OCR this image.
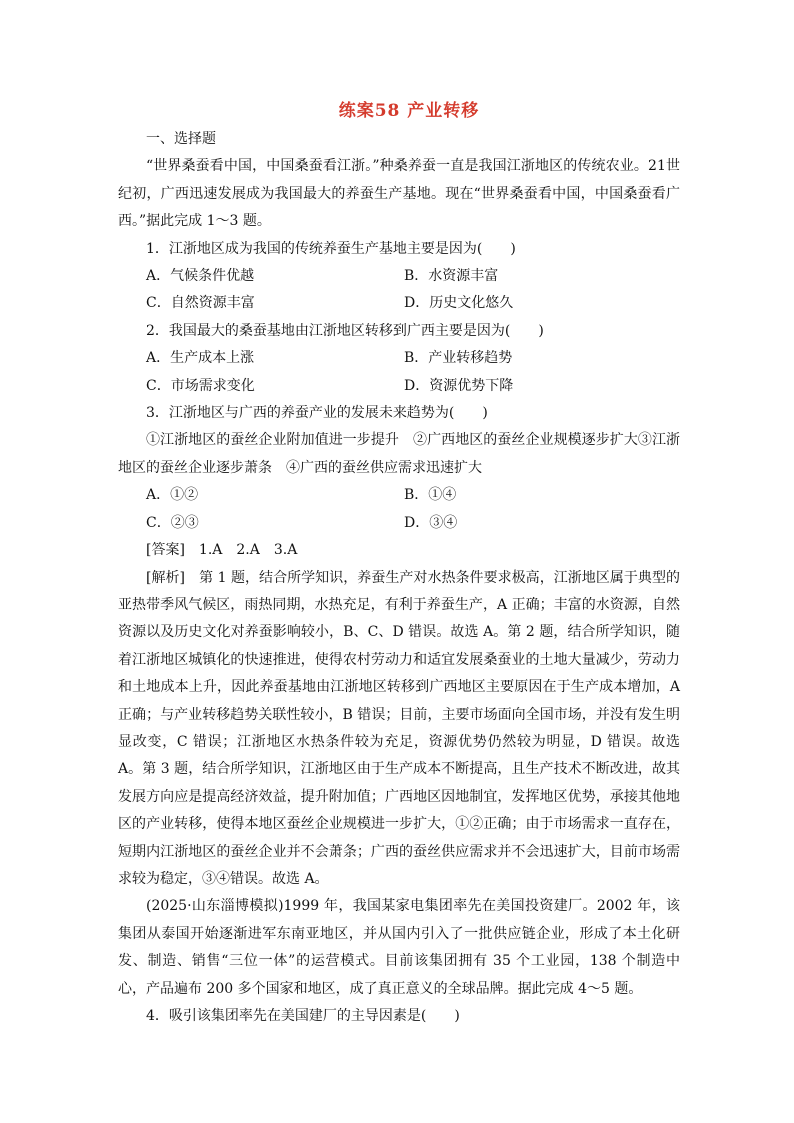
练案58 产业转移

一、选择题

“世界桑蚕看中国，中国桑蚕看江浙。”种桑养蚕一直是我国江浙地区的传统农业。21世纪初，广西迅速发展成为我国最大的养蚕生产基地。现在“世界桑蚕看中国，中国桑蚕看广西。”据此完成 1～3 题。

1．江浙地区成为我国的传统养蚕生产基地主要是因为(　　)

A．气候条件优越	B．水资源丰富

C．自然资源丰富	D．历史文化悠久

2．我国最大的桑蚕基地由江浙地区转移到广西主要是因为(　　)

A．生产成本上涨	B．产业转移趋势

C．市场需求变化	D．资源优势下降

3．江浙地区与广西的养蚕产业的发展未来趋势为(　　)

①江浙地区的蚕丝企业附加值进一步提升　②广西地区的蚕丝企业规模逐步扩大③江浙地区的蚕丝企业逐步萧条　④广西的蚕丝供应需求迅速扩大

A．①②	B．①④

C．②③	D．③④

[答案]　1.A　2.A　3.A

[解析]　第 1 题，结合所学知识，养蚕生产对水热条件要求极高，江浙地区属于典型的亚热带季风气候区，雨热同期，水热充足，有利于养蚕生产，A 正确；丰富的水资源，自然资源以及历史文化对养蚕影响较小，B、C、D 错误。故选 A。第 2 题，结合所学知识，随着江浙地区城镇化的快速推进，使得农村劳动力和适宜发展桑蚕业的土地大量减少，劳动力和土地成本上升，因此养蚕基地由江浙地区转移到广西地区主要原因在于生产成本增加，A 正确；与产业转移趋势关联性较小，B 错误；目前，主要市场面向全国市场，并没有发生明显改变，C 错误；江浙地区水热条件较为充足，资源优势仍然较为明显，D 错误。故选 A。第 3 题，结合所学知识，江浙地区由于生产成本不断提高，且生产技术不断改进，故其发展方向应是提高经济效益，提升附加值；广西地区因地制宜，发挥地区优势，承接其他地区的产业转移，使得本地区蚕丝企业规模进一步扩大，①②正确；由于市场需求一直存在，短期内江浙地区的蚕丝企业并不会萧条；广西的蚕丝供应需求并不会迅速扩大，目前市场需求较为稳定，③④错误。故选 A。

(2025·山东淄博模拟)1999 年，我国某家电集团率先在美国投资建厂。2002 年，该集团从泰国开始逐渐进军东南亚地区，并从国内引入了一批供应链企业，形成了本土化研发、制造、销售“三位一体”的运营模式。目前该集团拥有 35 个工业园，138 个制造中心，产品遍布 200 多个国家和地区，成了真正意义的全球品牌。据此完成 4～5 题。

4．吸引该集团率先在美国建厂的主导因素是(　　)
